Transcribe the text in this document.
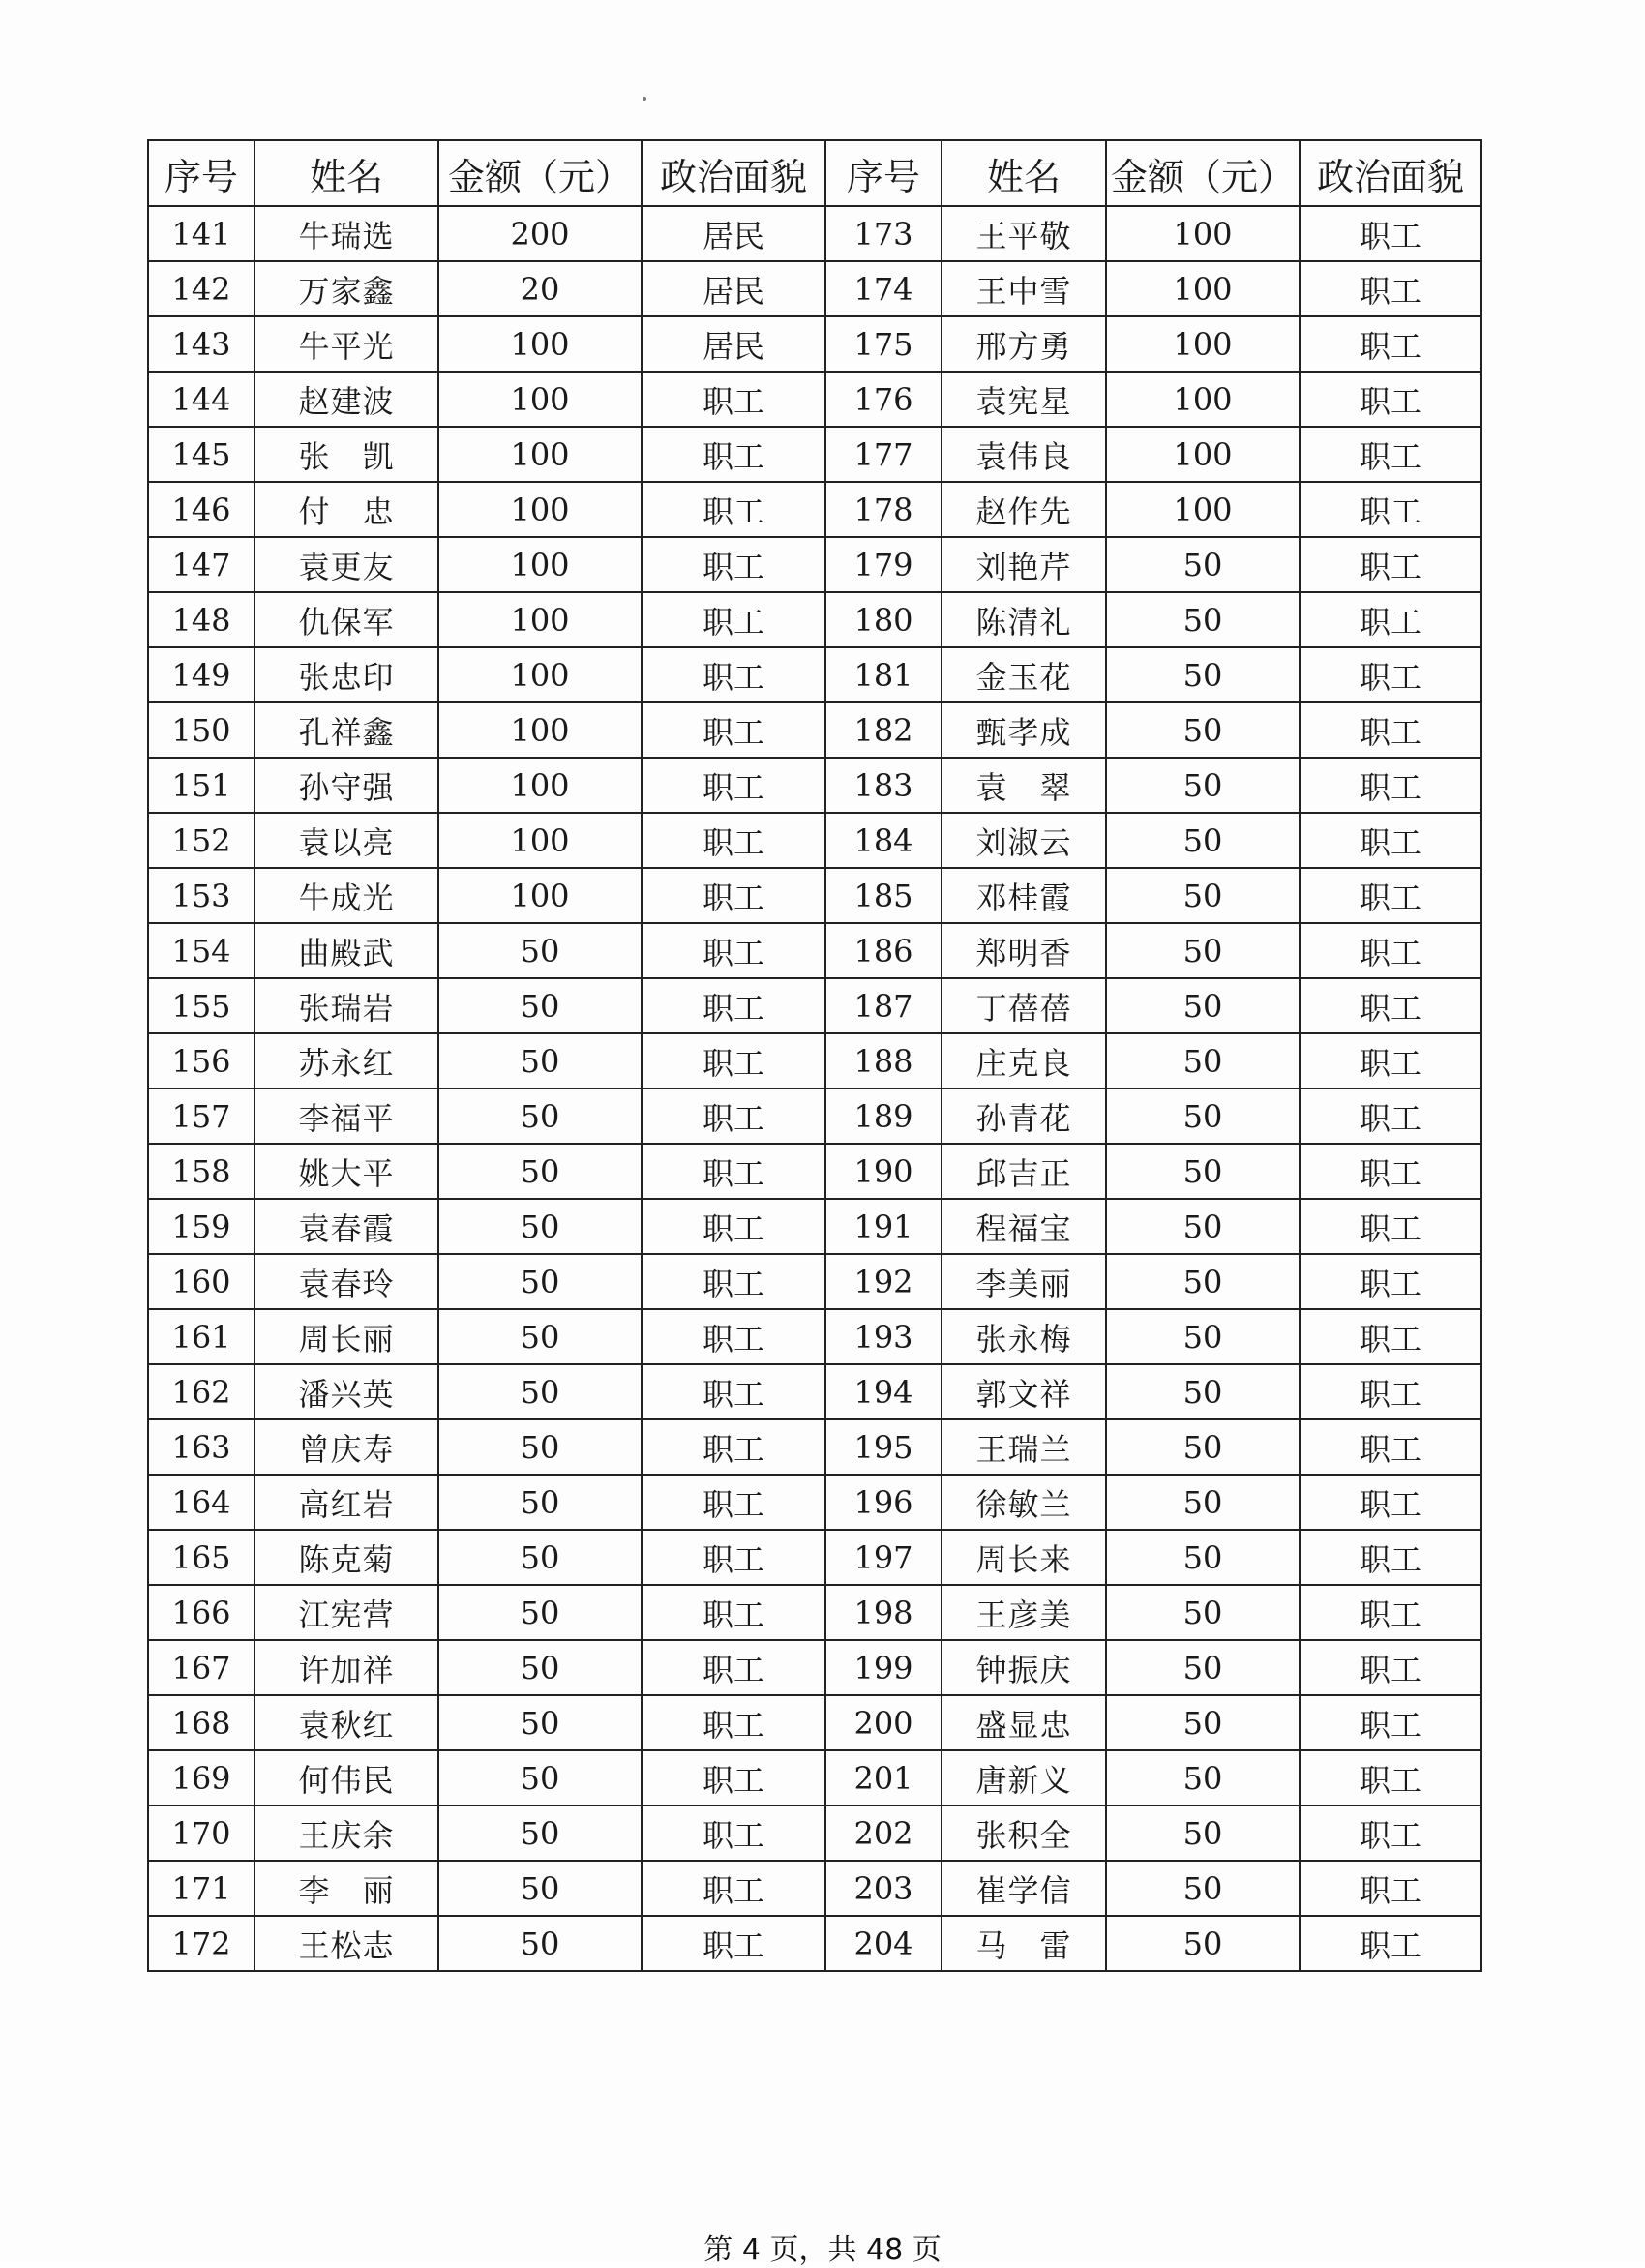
序号	姓名	金额（元）	政治面貌	序号	姓名	金额（元）	政治面貌
141	牛瑞选	200	居民	173	王平敬	100	职工
142	万家鑫	20	居民	174	王中雪	100	职工
143	牛平光	100	居民	175	邢方勇	100	职工
144	赵建波	100	职工	176	袁宪星	100	职工
145	张　凯	100	职工	177	袁伟良	100	职工
146	付　忠	100	职工	178	赵作先	100	职工
147	袁更友	100	职工	179	刘艳芹	50	职工
148	仇保军	100	职工	180	陈清礼	50	职工
149	张忠印	100	职工	181	金玉花	50	职工
150	孔祥鑫	100	职工	182	甄孝成	50	职工
151	孙守强	100	职工	183	袁　翠	50	职工
152	袁以亮	100	职工	184	刘淑云	50	职工
153	牛成光	100	职工	185	邓桂霞	50	职工
154	曲殿武	50	职工	186	郑明香	50	职工
155	张瑞岩	50	职工	187	丁蓓蓓	50	职工
156	苏永红	50	职工	188	庄克良	50	职工
157	李福平	50	职工	189	孙青花	50	职工
158	姚大平	50	职工	190	邱吉正	50	职工
159	袁春霞	50	职工	191	程福宝	50	职工
160	袁春玲	50	职工	192	李美丽	50	职工
161	周长丽	50	职工	193	张永梅	50	职工
162	潘兴英	50	职工	194	郭文祥	50	职工
163	曾庆寿	50	职工	195	王瑞兰	50	职工
164	高红岩	50	职工	196	徐敏兰	50	职工
165	陈克菊	50	职工	197	周长来	50	职工
166	江宪营	50	职工	198	王彦美	50	职工
167	许加祥	50	职工	199	钟振庆	50	职工
168	袁秋红	50	职工	200	盛显忠	50	职工
169	何伟民	50	职工	201	唐新义	50	职工
170	王庆余	50	职工	202	张积全	50	职工
171	李　丽	50	职工	203	崔学信	50	职工
172	王松志	50	职工	204	马　雷	50	职工
第 4 页，共 48 页
